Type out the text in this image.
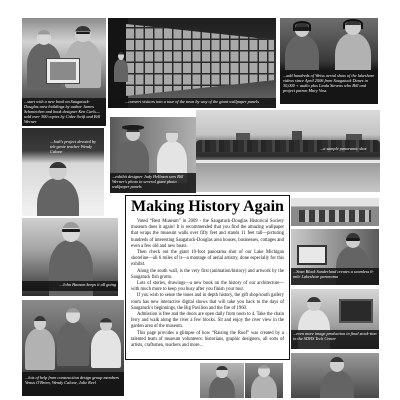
...start with a new book on Saugatuck-Douglas area buildings by author James Schmiechen and book designer Ken Carls—sold over 300 copies by Cidee Swift and Bill Werner
...convert visitors into a tour of the town by way of the giant wallpaper panels
...add hundreds of Weiss aerial shots of the lakeshore videos since April 2006 from Saugatuck Dunes in 30,000 + audio plus Linda Stevens who Bill and project patron Mary Voss
...Jodi's project devoted by tek-genie teacher Wendy Calone
...exhibit designer Judy Hellman sees Bill Werner's photo in several giant photo wallpaper panels
...a sample panoramic shot
Making History Again

Voted “Best Museum” in 2009 - the Saugatuck-Douglas Historical Society museum does it again! It is recommended that you find the amazing wallpaper that wraps the museum walls over fifty feet and stands 11 feet tall—picturing hundreds of interesting Saugatuck-Douglas area houses, businesses, cottages and even a few old and new boats.

Then check out the giant 10-foot panorama shot of our Lake Michigan shoreline—all 6 miles of it—a montage of aerial artistry, done especially for this exhibit.

Along the south wall, is the very first (animation/history) and artwork by the Saugatuck fish grotto.

Lots of stories, drawings—a new book on the history of our architecture—with much more to keep you busy after you finish your tour.

If you wish to sense the tones and in depth history, the gift shop/south gallery room has new interactive digital shows that will take you back to the days of Saugatuck's beginnings, the Big Pavilion and the fire of 1960.

Admission is free and the doors are open daily from noon to 4. Take the chain ferry and walk along the river a few blocks. Sit and enjoy the river view in the garden area of the museum.

This page provides a glimpse of how “Raising the Roof” was created by a talented team of museum volunteers: historians, graphic designers, all sorts of artists, craftsmen, teachers and more...

...John Hanson keeps it all going
...lots of help from construction design group members Venus O'Brien, Wendy Calone, Julie Reel
...Sean Black Sunderland creates a seamless 6-mile Lakeshore panorama
...even more image production in final stock-tion in the SDHS Tech Center
